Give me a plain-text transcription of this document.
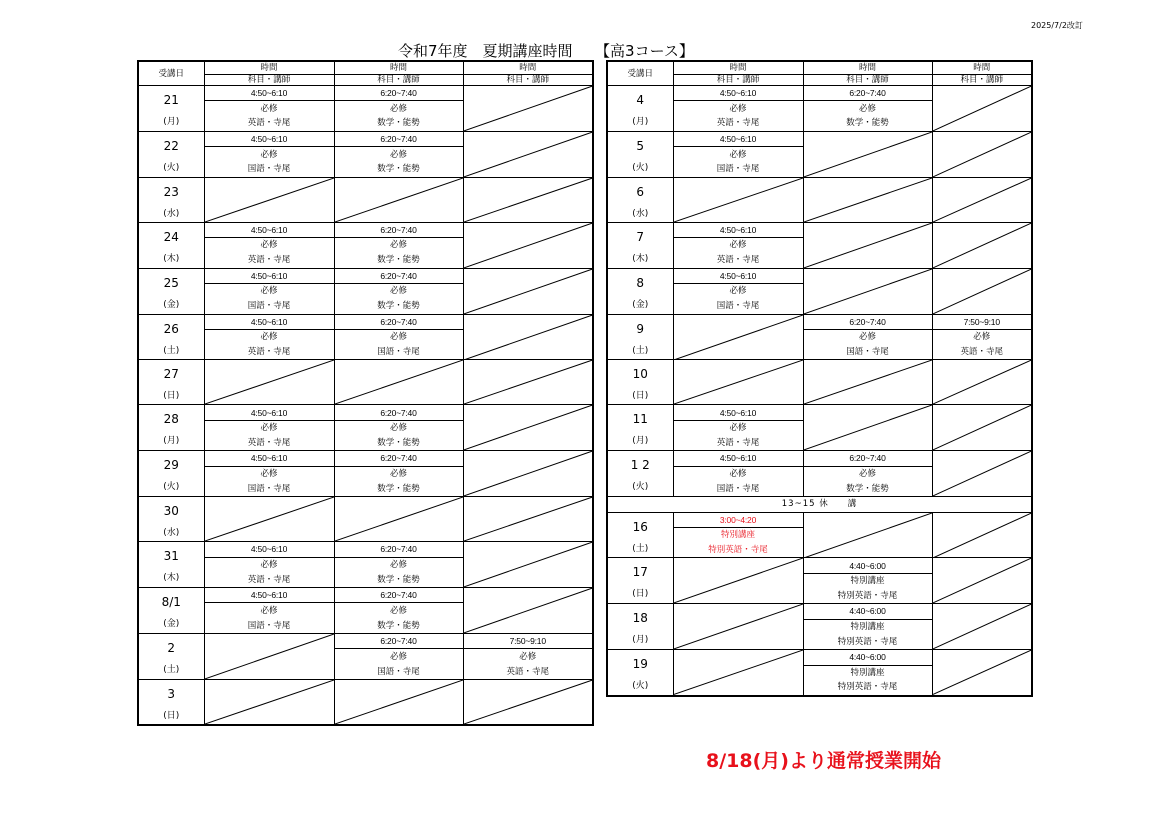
2025/7/2改訂
令和7年度　夏期講座時間　　【高3コース】
受講日	時間	時間	時間
	科目・講師	科目・講師	科目・講師

21
(月)	4:50~6:10	6:20~7:40	

	必修	必修	
	英語・寺尾	数学・能勢	

22
(火)	4:50~6:10	6:20~7:40	

	必修	必修	
	国語・寺尾	数学・能勢	

23
(水)

24
(木)	4:50~6:10	6:20~7:40	

	必修	必修	
	英語・寺尾	数学・能勢	

25
(金)	4:50~6:10	6:20~7:40	

	必修	必修	
	国語・寺尾	数学・能勢	

26
(土)	4:50~6:10	6:20~7:40	

	必修	必修	
	英語・寺尾	国語・寺尾	

27
(日)

28
(月)	4:50~6:10	6:20~7:40	

	必修	必修	
	英語・寺尾	数学・能勢	

29
(火)	4:50~6:10	6:20~7:40	

	必修	必修	
	国語・寺尾	数学・能勢	

30
(水)

31
(木)	4:50~6:10	6:20~7:40	

	必修	必修	
	英語・寺尾	数学・能勢	

8/1
(金)	4:50~6:10	6:20~7:40	

	必修	必修	
	国語・寺尾	数学・能勢	

2
(土)		6:20~7:40	7:50~9:10
		必修	必修
		国語・寺尾	英語・寺尾

3
(日)

受講日	時間	時間	時間
	科目・講師	科目・講師	科目・講師

4
(月)	4:50~6:10	6:20~7:40	

	必修	必修	
	英語・寺尾	数学・能勢	

5
(火)	4:50~6:10	

	必修		
	国語・寺尾		

6
(水)

7
(木)	4:50~6:10	

	必修		
	英語・寺尾		

8
(金)	4:50~6:10	

	必修		
	国語・寺尾		

9
(土)		6:20~7:40	7:50~9:10
		必修	必修
		国語・寺尾	英語・寺尾

10
(日)

11
(月)	4:50~6:10	

	必修		
	英語・寺尾		

1 2
(火)	4:50~6:10	6:20~7:40	

	必修	必修	
	国語・寺尾	数学・能勢	
13~15 休　　講			

16
(土)	3:00~4:20	

	特別講座		
	特別英語・寺尾		

17
(日)		4:40~6:00	

		特別講座	
		特別英語・寺尾	

18
(月)		4:40~6:00	

		特別講座	
		特別英語・寺尾	

19
(火)		4:40~6:00	

		特別講座	
		特別英語・寺尾	
8/18(月)より通常授業開始
